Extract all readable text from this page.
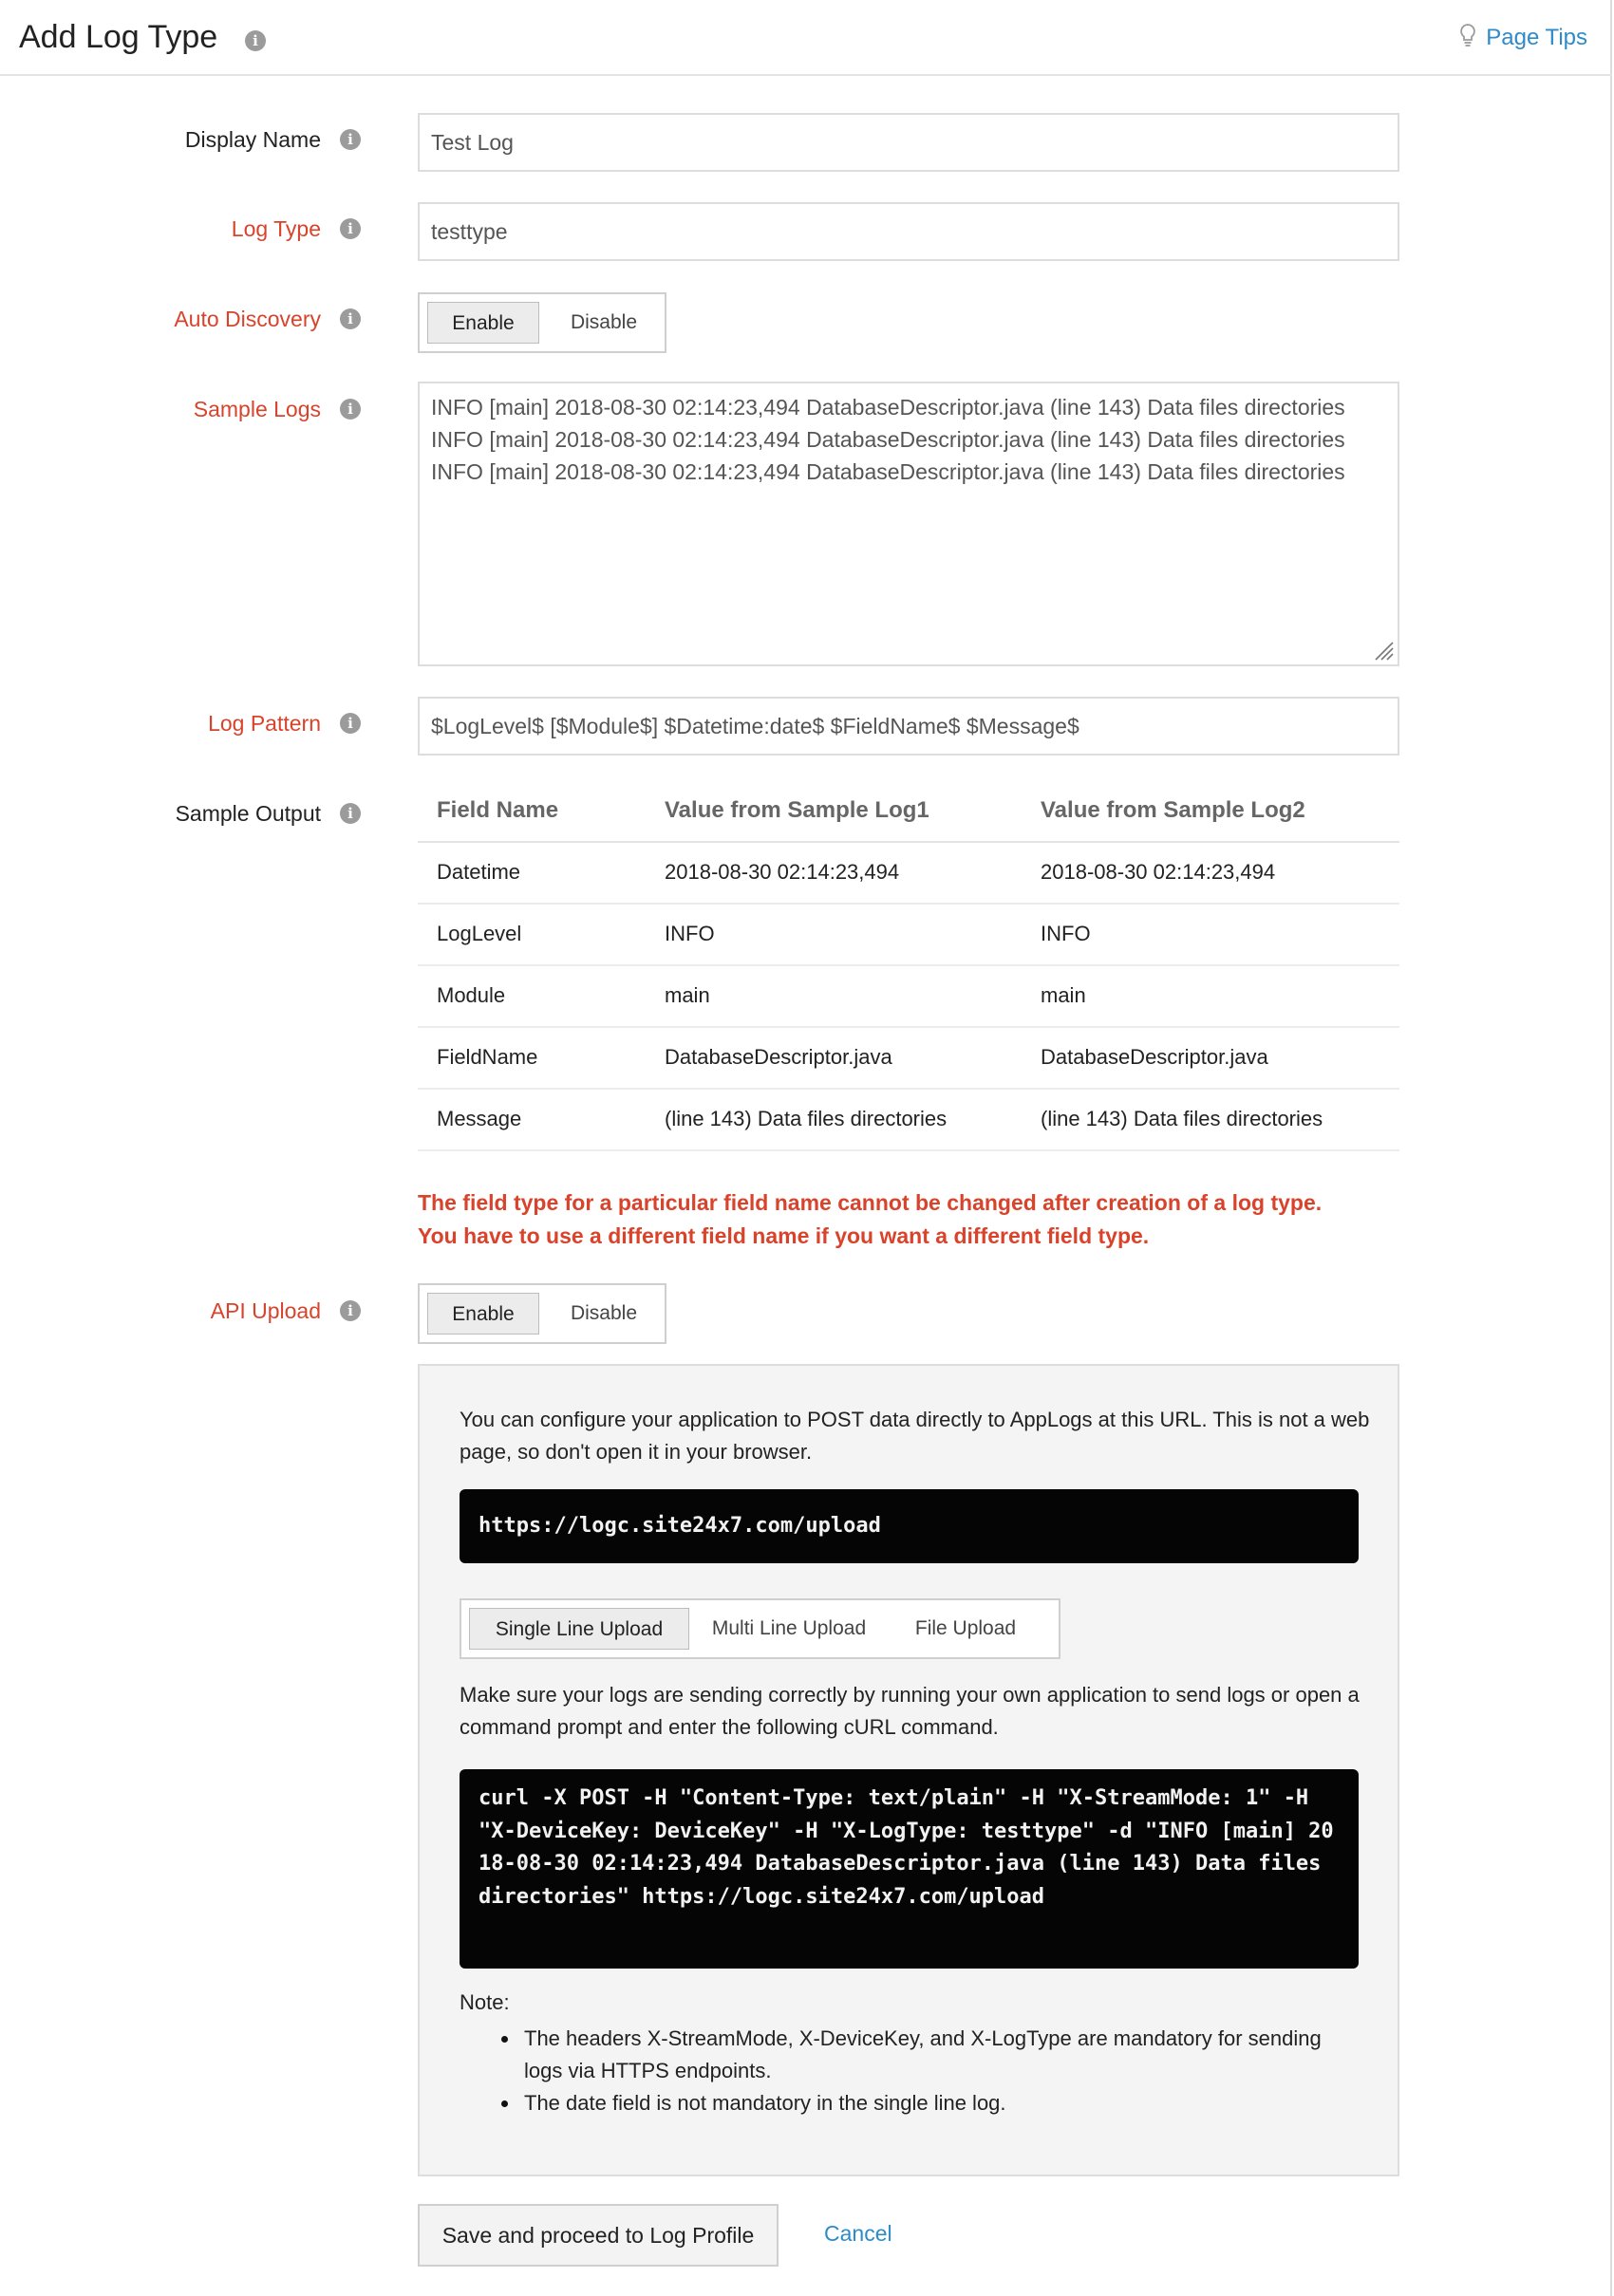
Add Log Type	i	Page Tips
Display Name	i	Test Log
Log Type	i	testtype
Auto Discovery	i	Enable	Disable
Sample Logs	i	INFO [main] 2018-08-30 02:14:23,494 DatabaseDescriptor.java (line 143) Data files directories
INFO [main] 2018-08-30 02:14:23,494 DatabaseDescriptor.java (line 143) Data files directories
INFO [main] 2018-08-30 02:14:23,494 DatabaseDescriptor.java (line 143) Data files directories
Log Pattern	i	$LogLevel$ [$Module$] $Datetime:date$ $FieldName$ $Message$
Sample Output	i	Field Name	Value from Sample Log1	Value from Sample Log2
Datetime	2018-08-30 02:14:23,494	2018-08-30 02:14:23,494
LogLevel	INFO	INFO
Module	main	main
FieldName	DatabaseDescriptor.java	DatabaseDescriptor.java
Message	(line 143) Data files directories	(line 143) Data files directories
The field type for a particular field name cannot be changed after creation of a log type.
You have to use a different field name if you want a different field type.
API Upload	i	Enable	Disable
You can configure your application to POST data directly to AppLogs at this URL. This is not a web page, so don't open it in your browser.
https://logc.site24x7.com/upload
Single Line Upload	Multi Line Upload	File Upload
Make sure your logs are sending correctly by running your own application to send logs or open a command prompt and enter the following cURL command.
curl -X POST -H "Content-Type: text/plain" -H "X-StreamMode: 1" -H "X-DeviceKey: DeviceKey" -H "X-LogType: testtype" -d "INFO [main] 2018-08-30 02:14:23,494 DatabaseDescriptor.java (line 143) Data files directories" https://logc.site24x7.com/upload
Note:
The headers X-StreamMode, X-DeviceKey, and X-LogType are mandatory for sending logs via HTTPS endpoints.
The date field is not mandatory in the single line log.
Save and proceed to Log Profile	Cancel
